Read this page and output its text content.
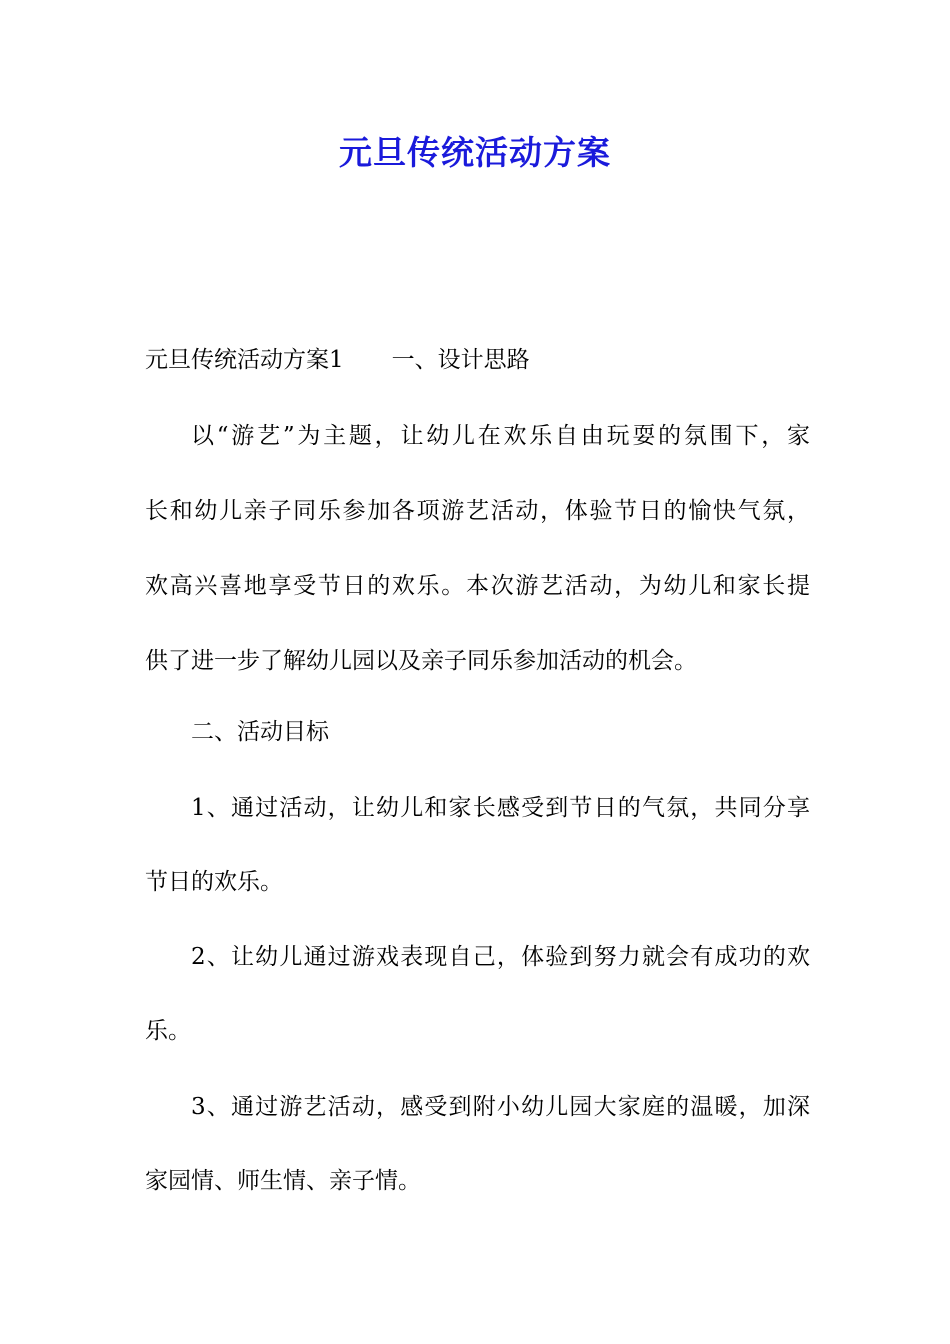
元旦传统活动方案
元旦传统活动方案1 一、设计思路
以“游艺”为主题，让幼儿在欢乐自由玩耍的氛围下，家
长和幼儿亲子同乐参加各项游艺活动，体验节日的愉快气氛，
欢高兴喜地享受节日的欢乐。本次游艺活动，为幼儿和家长提
供了进一步了解幼儿园以及亲子同乐参加活动的机会。
二、活动目标
1、通过活动，让幼儿和家长感受到节日的气氛，共同分享
节日的欢乐。
2、让幼儿通过游戏表现自己，体验到努力就会有成功的欢
乐。
3、通过游艺活动，感受到附小幼儿园大家庭的温暖，加深
家园情、师生情、亲子情。
